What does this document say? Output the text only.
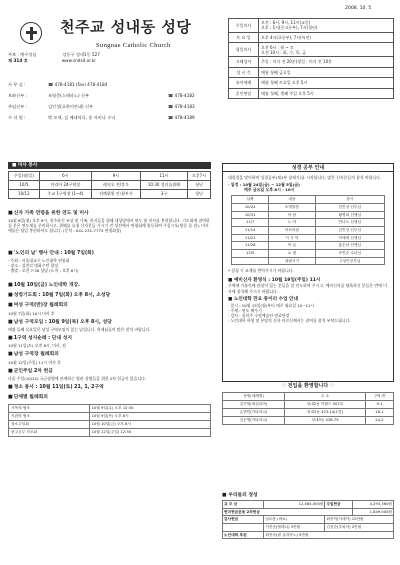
2008. 10. 5
천주교 성내동 성당
Sungnae Catholic Church
주보 : 예수성심	강동구 성내1동 527
제 314 호	www.sndsd.or.kr
사 무 실 :	☎ 478-4181 (fax) 478-4184
보좌신부 :	조영준(스테파노) 신부	☎ 478-4182
주임신부 :	김인성(요한비안네) 신부	☎ 478-4183
수 녀 원 :	박 모세, 김 베네딕다, 송 사비나 수녀	☎ 478-4189
주일미사	오전 : 6시, 9시, 11시(교중)
오후 : 1시(중고등부), 7시(청년)
토 요 일	오후 4시(초등부), 7시(특전)
평일미사	오전 6시 : 월 ~ 토
오전 10시 : 화, 수, 목, 금
고해성사	주일 : 미사 전 20분(평일 : 미사 전 10분
성 시 간	매월 첫째 금요일
유아세례	매월 첫째 토요일 오후 5시
혼인면담	매월 첫째, 셋째 주일 오후 5시
■ 미사 봉사
주일(월/일)	6시	9시	11시	오후7시
10/5	마리아 24구역장	레지오 전/후가	10:30 성녀를위해	청년
10/12	주교 1구역장 (1~4)	전례위원 안내/부가	3구	청년
■신자 가족 연령을 위한 연도 및 미사

10월 6일(월) 오후 8시, 천주하신 조상 및 가족, 친지들을 위해 대성당에서 연도 및 미사를 봉헌합니다. 기도회에 참여하실 분은 연도제를 준비하시고, 위해를 요청 신자분들 가시기 전 성전에서 연령회에 합동하여 주십시오(방문 물 권). 미사예물은 당일 봉헌하셔도 됩니다. (문의 : 041-231-7775 연령회장)

■'노인의 날' 행사 안내 : 10월 7일(화)

· 주최 : 서울대교구 노인대학 연합회
· 장소 : 성전각 명화수련 광장
· 출발 : 오전 7:30 성당 (도착 : 오후 6시)

■10월 10일(금) 노인대학 개강.
■성령기도회 : 10월 7일(화) 오후 8시, 소성당
■여성 구역(반)장 월례회의

10월 7일(화) 10시 미사 후

■남성 구역모임 : 10월 9일(목) 오후 8시, 성당

매월 둘째 목요일은 남성 구역모임이 있는 날입니다. 형제님들의 많은 참석 바랍니다.

■1구역 성지순례 : 단내 성지

10월 11일(토) 오전 8시, 미사, 점

■남성 구역장 월례회의

10월 12일(주일) 11시 미사 후

■군인주일 2차 헌금

다음 주일(10/12) 국군장병에 관계하는 영관 장병들을 위한 2차 헌금이 있습니다.

■정소 봉사 : 10월 11일(토) 21, 1, 2구역
■단체별 월례회의
사목의 협조	10월 9일(수) 오후 12:30
기관의 협조	10월 9일(목) 오후 8시
청소주일회	10월 10일(금) 오후 8시
중고등부 자모회	10월 12일(주일) 12:30
성경 공부 안내

대림절을 맞이하여 성경공부(제1부 창세기)를 시작합니다. 많은 신자분들의 참석 바랍니다.

· 일정 : 10월 24일(금) ~ 12월 5일(금)

매주 금요일 오후 8시 - 10시

날짜	내용	강사
10/24	소개말씀	김인성 신부님
10/31	아 담	황영희 선생님
11/7	노 아	안나도 선생님
11/14	아브라함	김인성 신부님
11/21	이 사 악	이에에 선생님
11/28	야 곱	홍순남 선생님
12/5	요 셉	송인순 수녀님
	대림시기	주성인신부님

* 성경 시 교재를 받아가시기 바랍니다.

■ 예비신자 환영식 : 10월 19일(주일) 11시

주역에 가톨릭에 관심이 있는 분들을 잘 인도하여 주시고, 예비신자를 양육하신 분들은 반에 미사에 참석해 주시기 바랍니다.

■ 노인대학 만요 통이리 수업 안내

· 일시 : 10월 15일(월)부터 매주 월요일 10~11시
· 주제 : 연도 배우기
· 강사 : 심희주 구원예술단 연료단장
· 노인대학 학생 및 본당의 신자 어르신께서는 참여를 참석 부탁드립니다.

♡ 전입을 환영합니다 ♡
성명(세례명)	주 소	구역-반
김기열(세실리아)	성내2동 이랜드 507호	9-1
손귀인(가타리나)	성내3동 423-14(1층)	18-1
김은영(카타리나)	성내3동 438-75	24-2
■ 우리들의 정성
교 무 금	12,584,000원	주일헌금	4,293,360원
헌미헌금운동 2차헌금			1,849,000원
감사헌금	남무용 (바로)	최종익(이데이) 10만원	
	이종준(엘레나) 3만원	김천순(루치아) 2만원	
노인대학 후원	최종숙(펄 실리아노) 5만원		
